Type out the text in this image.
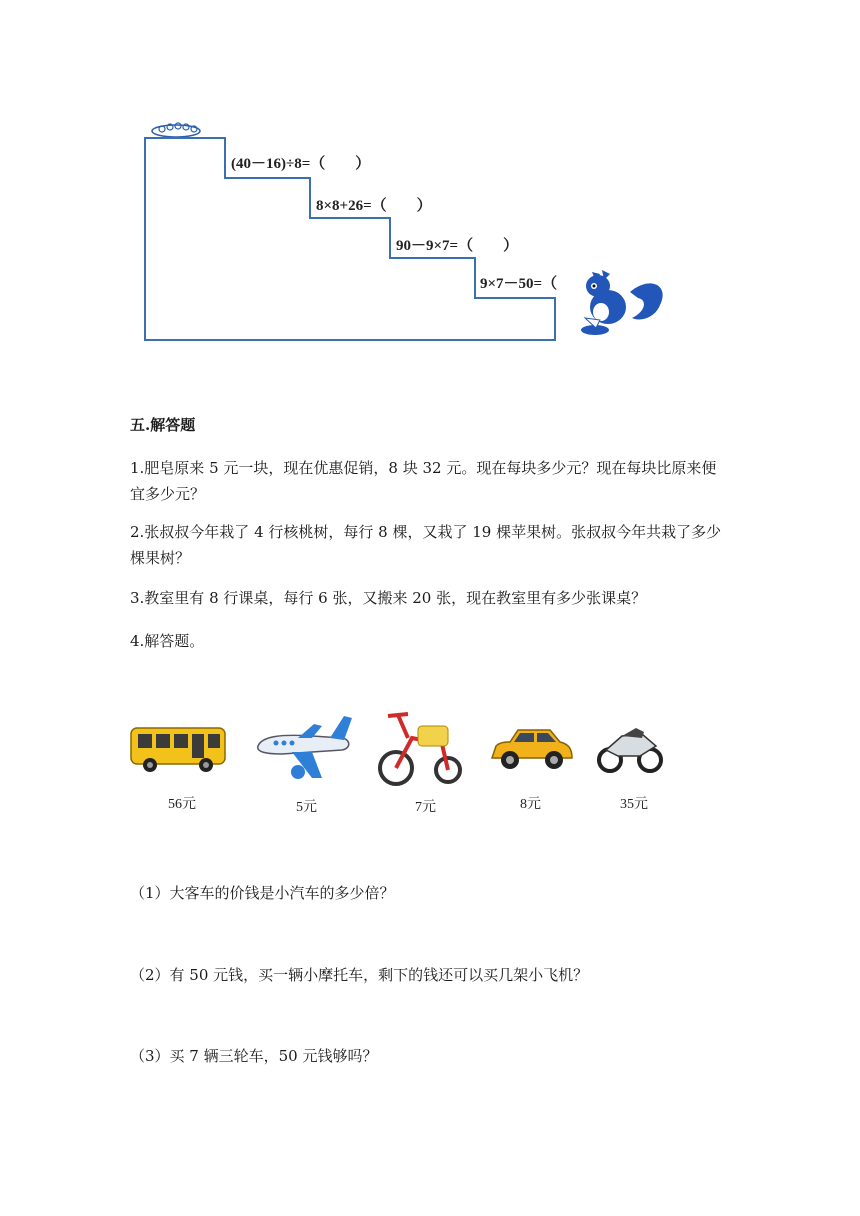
(40－16)÷8=（　　）
8×8+26=（　　）
90－9×7=（　　）
9×7－50=（
五.解答题
1.肥皂原来 5 元一块，现在优惠促销，8 块 32 元。现在每块多少元？现在每块比原来便宜多少元？
2.张叔叔今年栽了 4 行核桃树，每行 8 棵，又栽了 19 棵苹果树。张叔叔今年共栽了多少棵果树？
3.教室里有 8 行课桌，每行 6 张，又搬来 20 张，现在教室里有多少张课桌？
4.解答题。
56元	5元	7元	8元	35元
（1）大客车的价钱是小汽车的多少倍？
（2）有 50 元钱，买一辆小摩托车，剩下的钱还可以买几架小飞机？
（3）买 7 辆三轮车，50 元钱够吗？
